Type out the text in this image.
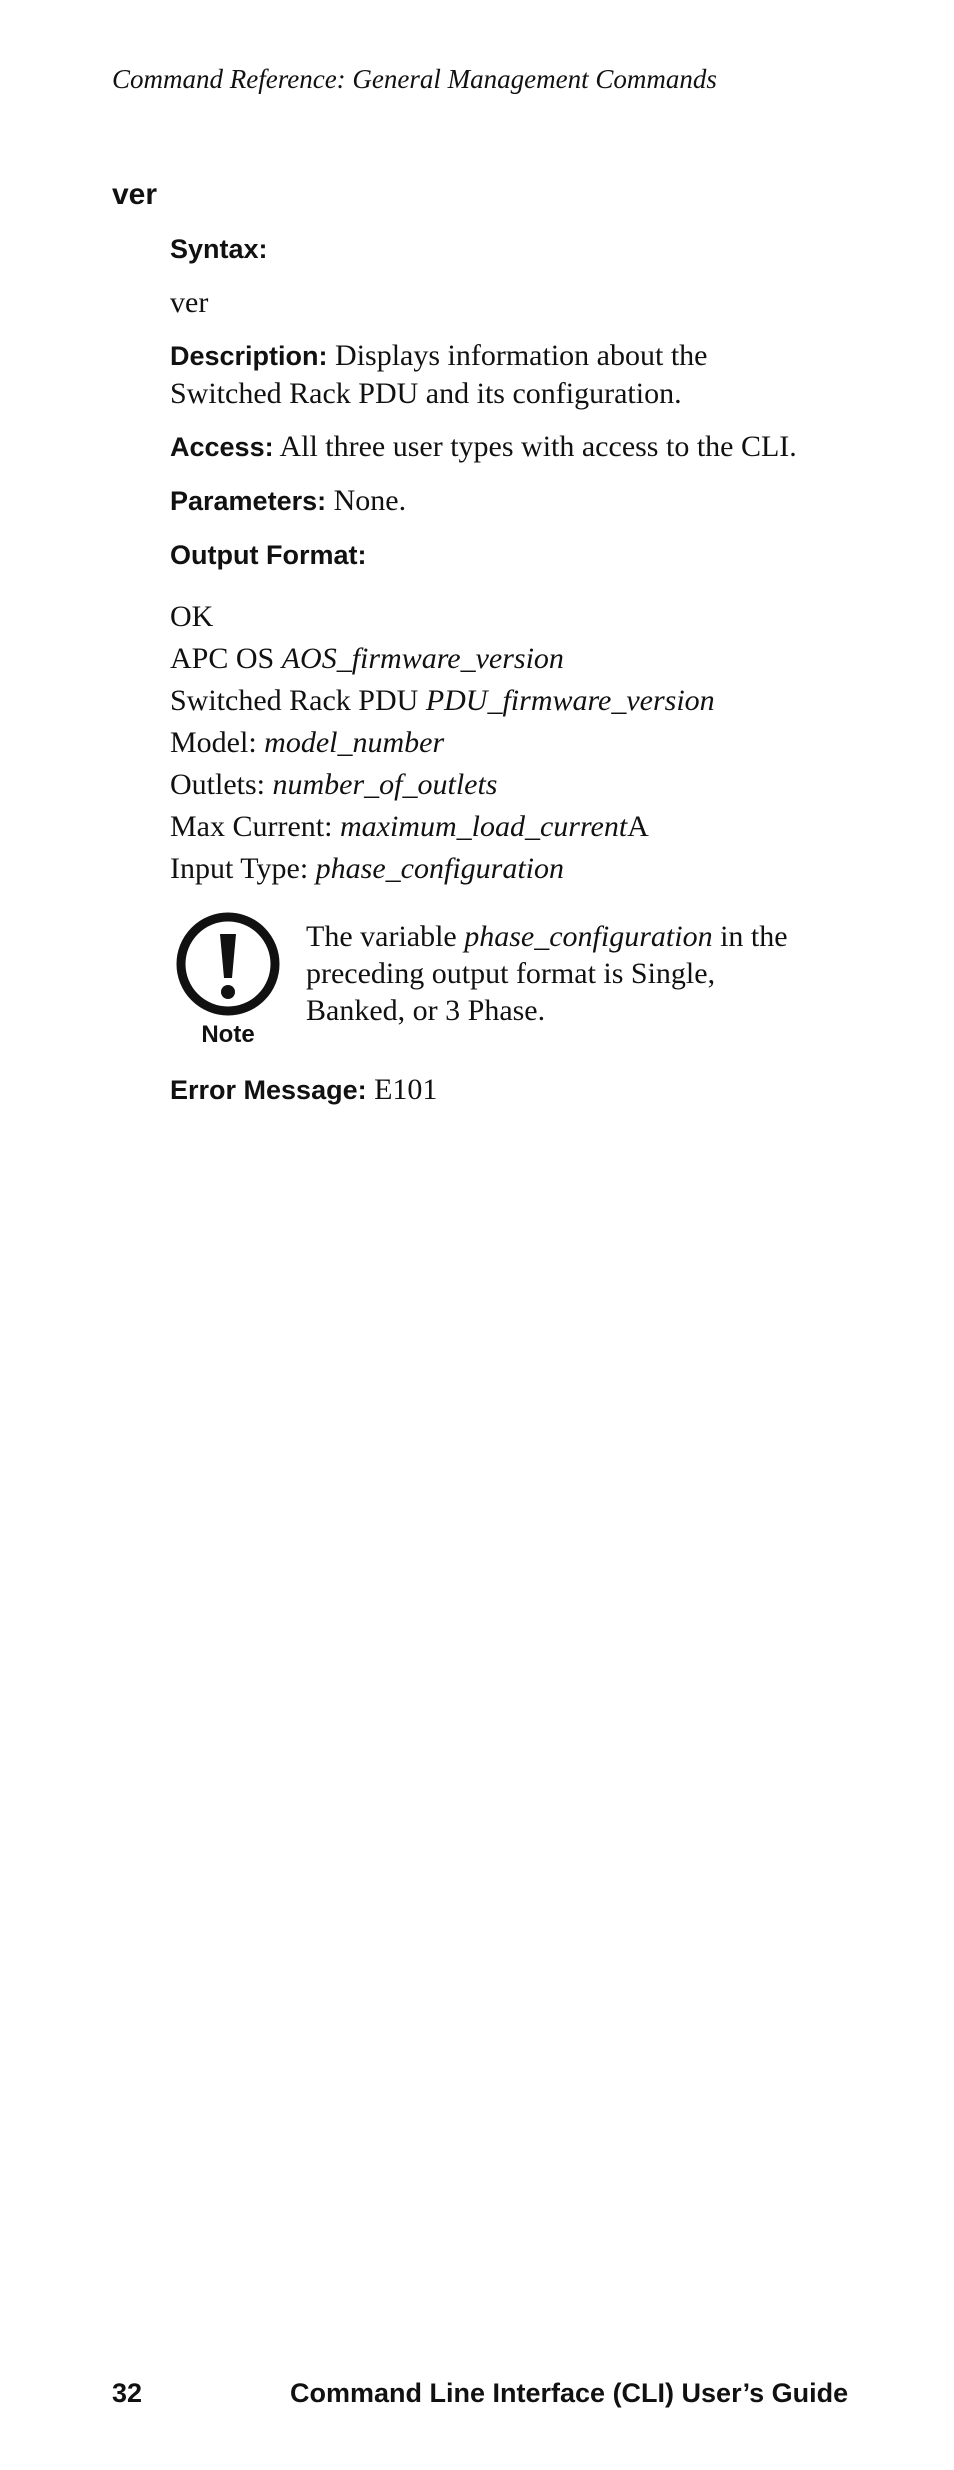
Command Reference: General Management Commands
ver

Syntax:

ver

Description: Displays information about the Switched Rack PDU and its configuration.

Access: All three user types with access to the CLI.

Parameters: None.

Output Format:

OK

APC OS AOS_firmware_version

Switched Rack PDU PDU_firmware_version

Model: model_number

Outlets: number_of_outlets

Max Current: maximum_load_currentA

Input Type: phase_configuration

Note
The variable phase_configuration in the preceding output format is Single, Banked, or 3 Phase.

Error Message: E101

32	Command Line Interface (CLI) User’s Guide
